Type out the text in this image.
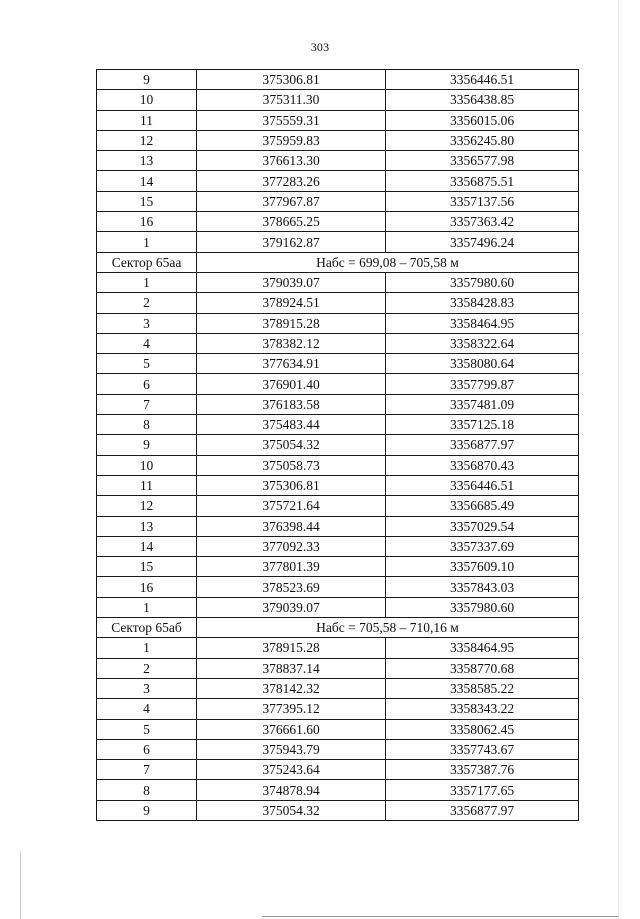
303
9	375306.81	3356446.51
10	375311.30	3356438.85
11	375559.31	3356015.06
12	375959.83	3356245.80
13	376613.30	3356577.98
14	377283.26	3356875.51
15	377967.87	3357137.56
16	378665.25	3357363.42
1	379162.87	3357496.24
Сектор 65аа	Набс = 699,08 – 705,58 м	
1	379039.07	3357980.60
2	378924.51	3358428.83
3	378915.28	3358464.95
4	378382.12	3358322.64
5	377634.91	3358080.64
6	376901.40	3357799.87
7	376183.58	3357481.09
8	375483.44	3357125.18
9	375054.32	3356877.97
10	375058.73	3356870.43
11	375306.81	3356446.51
12	375721.64	3356685.49
13	376398.44	3357029.54
14	377092.33	3357337.69
15	377801.39	3357609.10
16	378523.69	3357843.03
1	379039.07	3357980.60
Сектор 65аб	Набс = 705,58 – 710,16 м	
1	378915.28	3358464.95
2	378837.14	3358770.68
3	378142.32	3358585.22
4	377395.12	3358343.22
5	376661.60	3358062.45
6	375943.79	3357743.67
7	375243.64	3357387.76
8	374878.94	3357177.65
9	375054.32	3356877.97
